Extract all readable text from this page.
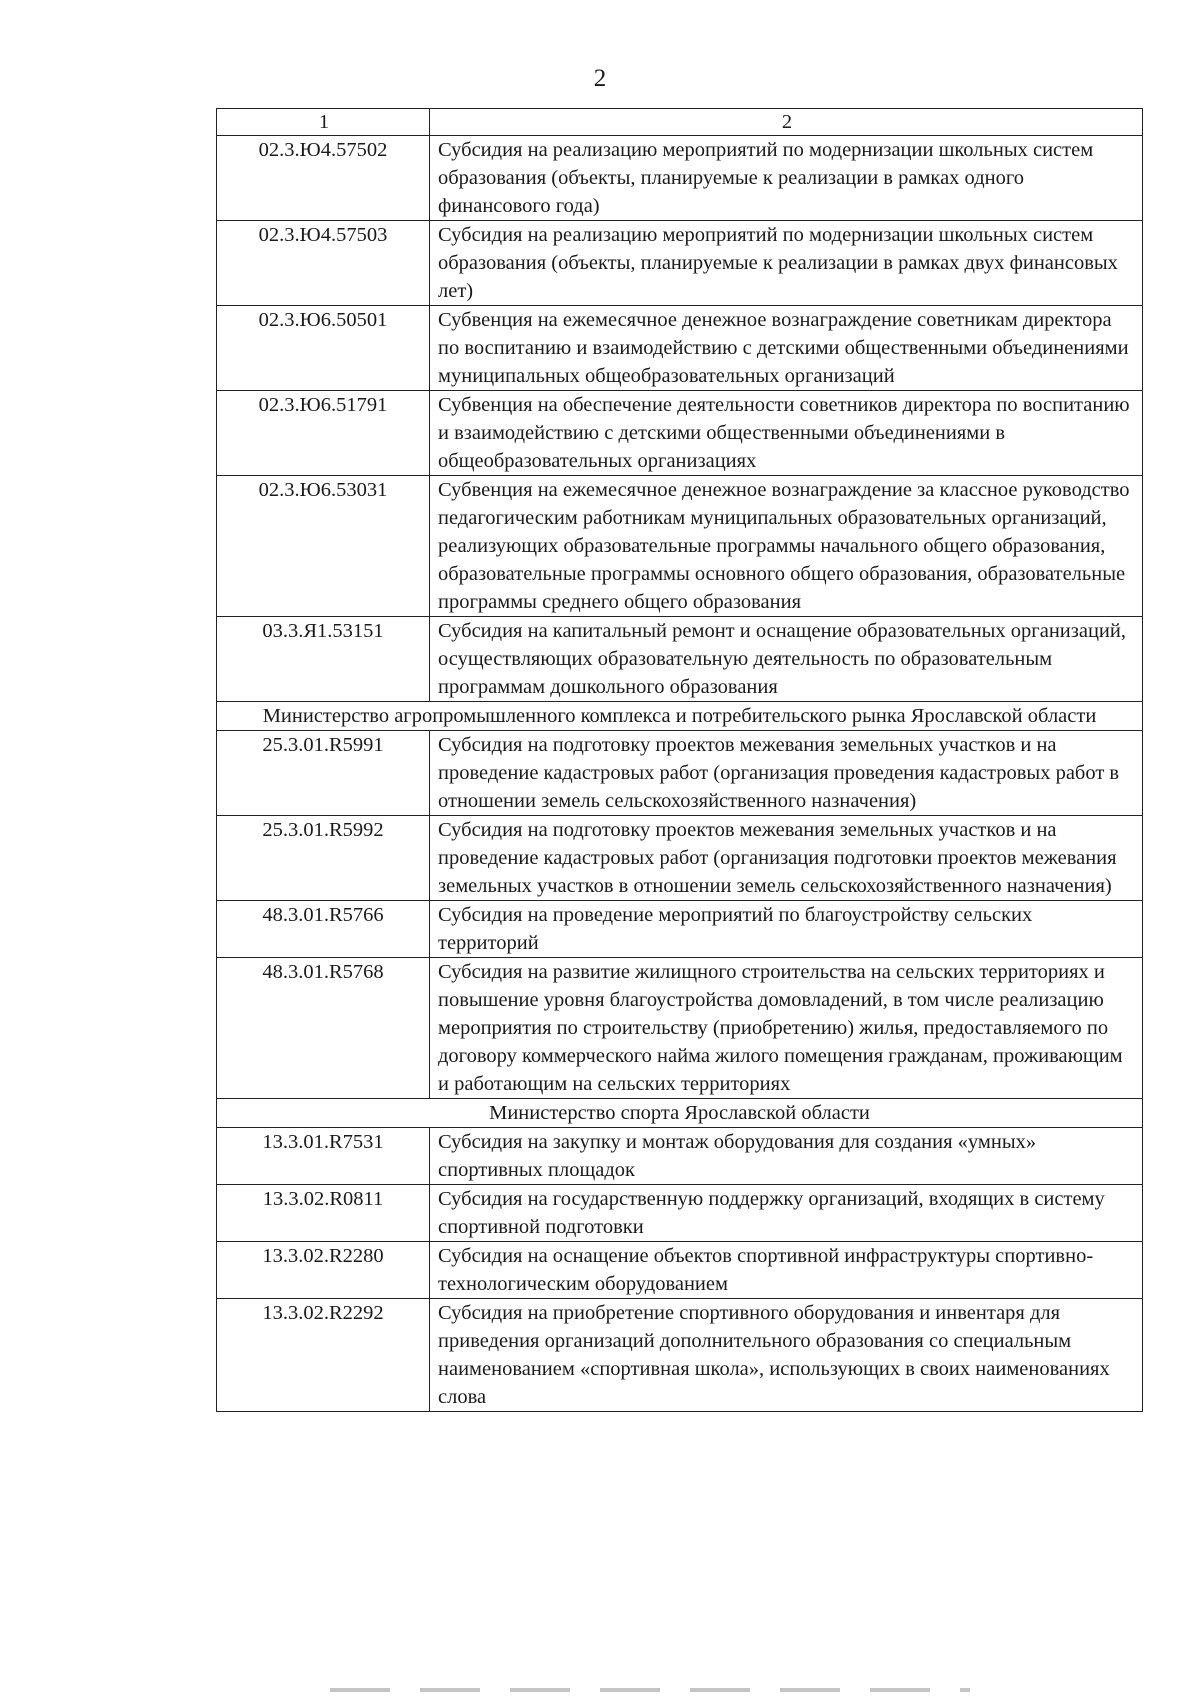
2
1	2
02.3.Ю4.57502	Субсидия на реализацию мероприятий по модернизации школьных систем образования (объекты, планируемые к реализации в рамках одного финансового года)
02.3.Ю4.57503	Субсидия на реализацию мероприятий по модернизации школьных систем образования (объекты, планируемые к реализации в рамках двух финансовых лет)
02.3.Ю6.50501	Субвенция на ежемесячное денежное вознаграждение советникам директора по воспитанию и взаимодействию с детскими общественными объединениями муниципальных общеобразовательных организаций
02.3.Ю6.51791	Субвенция на обеспечение деятельности советников директора по воспитанию и взаимодействию с детскими общественными объединениями в общеобразовательных организациях
02.3.Ю6.53031	Субвенция на ежемесячное денежное вознаграждение за классное руководство педагогическим работникам муниципальных образовательных организаций, реализующих образовательные программы начального общего образования, образовательные программы основного общего образования, образовательные программы среднего общего образования
03.3.Я1.53151	Субсидия на капитальный ремонт и оснащение образовательных организаций, осуществляющих образовательную деятельность по образовательным программам дошкольного образования
Министерство агропромышленного комплекса и потребительского рынка Ярославской области	
25.3.01.R5991	Субсидия на подготовку проектов межевания земельных участков и на проведение кадастровых работ (организация проведения кадастровых работ в отношении земель сельскохозяйственного назначения)
25.3.01.R5992	Субсидия на подготовку проектов межевания земельных участков и на проведение кадастровых работ (организация подготовки проектов межевания земельных участков в отношении земель сельскохозяйственного назначения)
48.3.01.R5766	Субсидия на проведение мероприятий по благоустройству сельских территорий
48.3.01.R5768	Субсидия на развитие жилищного строительства на сельских территориях и повышение уровня благоустройства домовладений, в том числе реализацию мероприятия по строительству (приобретению) жилья, предоставляемого по договору коммерческого найма жилого помещения гражданам, проживающим и работающим на сельских территориях
Министерство спорта Ярославской области	
13.3.01.R7531	Субсидия на закупку и монтаж оборудования для создания «умных» спортивных площадок
13.3.02.R0811	Субсидия на государственную поддержку организаций, входящих в систему спортивной подготовки
13.3.02.R2280	Субсидия на оснащение объектов спортивной инфраструктуры спортивно-технологическим оборудованием
13.3.02.R2292	Субсидия на приобретение спортивного оборудования и инвентаря для приведения организаций дополнительного образования со специальным наименованием «спортивная школа», использующих в своих наименованиях слова
